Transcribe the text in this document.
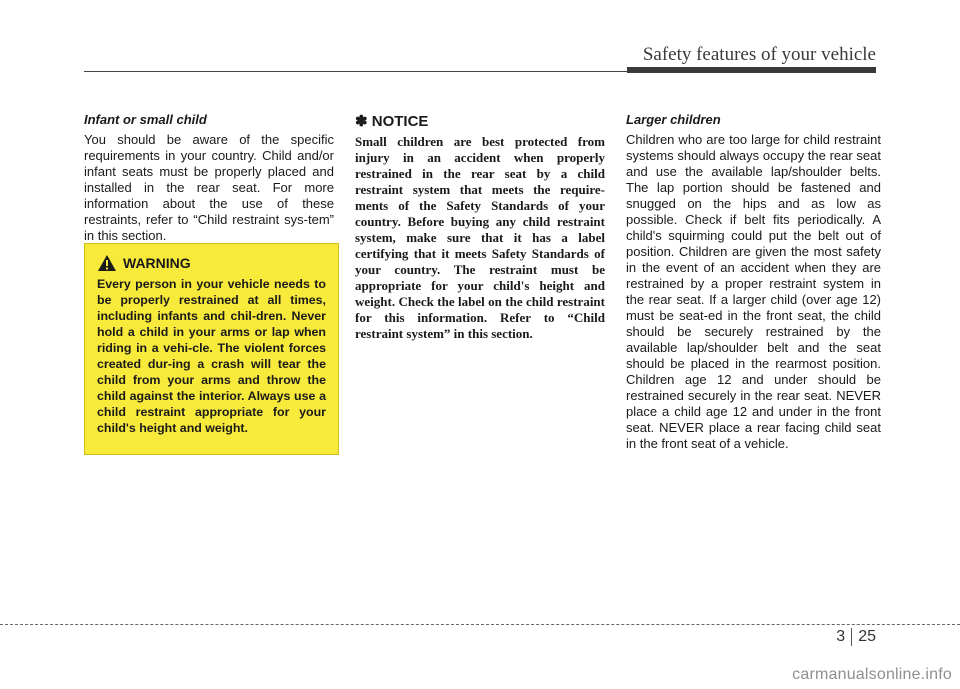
Safety features of your vehicle

Infant or small child

You should be aware of the specific requirements in your country. Child and/or infant seats must be properly placed and installed in the rear seat. For more information about the use of these restraints, refer to “Child restraint sys-tem” in this section.

WARNING

Every person in your vehicle needs to be properly restrained at all times, including infants and chil-dren. Never hold a child in your arms or lap when riding in a vehi-cle. The violent forces created dur-ing a crash will tear the child from your arms and throw the child against the interior. Always use a child restraint appropriate for your child's height and weight.

✽ NOTICE

Small children are best protected from injury in an accident when properly restrained in the rear seat by a child restraint system that meets the require-ments of the Safety Standards of your country. Before buying any child restraint system, make sure that it has a label certifying that it meets Safety Standards of your country. The restraint must be appropriate for your child's height and weight. Check the label on the child restraint for this information. Refer to “Child restraint system” in this section.

Larger children

Children who are too large for child restraint systems should always occupy the rear seat and use the available lap/shoulder belts. The lap portion should be fastened and snugged on the hips and as low as possible. Check if belt fits periodically. A child's squirming could put the belt out of position. Children are given the most safety in the event of an accident when they are restrained by a proper restraint system in the rear seat. If a larger child (over age 12) must be seat-ed in the front seat, the child should be securely restrained by the available lap/shoulder belt and the seat should be placed in the rearmost position. Children age 12 and under should be restrained securely in the rear seat. NEVER place a child age 12 and under in the front seat. NEVER place a rear facing child seat in the front seat of a vehicle.

3 25
carmanualsonline.info
